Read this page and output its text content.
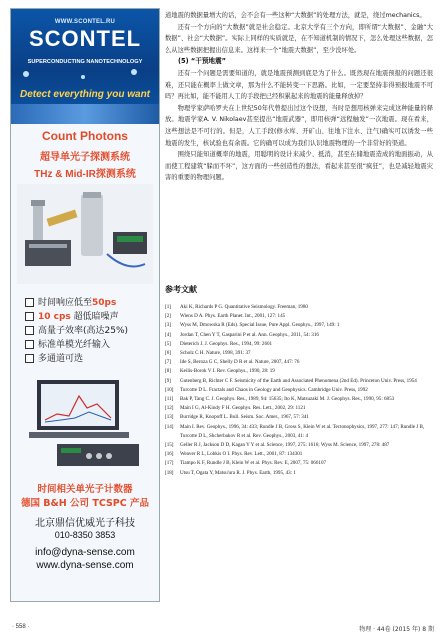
WWW.SCONTEL.RU
SCONTEL
SUPERCONDUCTING NANOTECHNOLOGY
Detect everything you want
Count Photons
超导单光子探测系统
THz & Mid-IR探测系统
时间响应低至50ps
10 cps 超低暗噪声
高量子效率(高达25%)
标准单模光纤输入
多通道可选
时间相关单光子计数器
德国 B&H 公司 TCSPC 产品
北京鼎信优威光子科技
010-8350 3853
info@dyna-sense.com
www.dyna-sense.com

道地震的数据量增大的话，会不会有一些这种“大数据”的处理方法，就是，绕过mechanics。

还有一个方向的“大数据”就是社会稳定。北京大学有三个方向，即所谓“大数据”、金融“大数据”、社会“大数据”。实际上同样的实质就是，在不知道机制的情况下，怎么处理这些数据，怎么从这些数据把握出信息来。这样来一个“地震大数据”，至少没坏处。

(5) “干预地震”

还有一个问题是需要知道的，就是地震预测到底是为了什么。既然现在地震预报的问题还很难，还只能在概率上做文章，那为什么不能转变一下思路。比如，一定要坚持非得预报地震不可吗？再比如，能不能用人工的手段把已经积累起来的地震的能量释放掉？

物理学家萨哈罗夫在上世纪50年代曾提出过这个设想，当时是想用核弹来完成这种能量的释放。地震学家A. V. Nikolaev甚至提出“地震武器”，即用核弹“远程触发”一次地震。现在看来，这些想法是不可行的。但是，人工手段(修水库、开矿山、往地下注水、注气)确实可以诱发一些地震的发生，核试验也有余震。它的确可以成为我们认识地震物理的一个非常好的渠道。

围绕只能知道概率的地震，用聪明的设计来减少、抵消，甚至在储地震造成的地面振动，从而使工程建筑“躲而不坏”，这方面的一些创造性的想法，看起来甚至很“疯狂”，也是减轻地震灾害的重要的物理问题。

参考文献
[1] Aki K, Richards P G. Quantitative Seismology. Freeman, 1980
[2] Wiens D A. Phys. Earth Planet. Int., 2001, 127: 145
[3] Wyss M, Dmowska R (Eds). Special Issue, Pure Appl. Geophys., 1997, 149: 1
[4] Jordan T, Chen Y T, Gasparini P et al. Ann. Geophys., 2011, 54: 316
[5] Dieterich J. J. Geophys. Res., 1994, 99: 2601
[6] Scholz C H. Nature, 1998, 391: 37
[7] Ide S, Beroza G C, Shelly D R et al. Nature, 2007, 447: 76
[8] Keilis-Borok V I. Rev. Geophys., 1990, 28: 19
[9] Gutenberg B, Richter C F. Seismicity of the Earth and Associated Phenomena (2nd Ed). Princeton Univ. Press, 1954
[10] Turcotte D L. Fractals and Chaos in Geology and Geophysics. Cambridge Univ. Press, 1992
[11] Bak P, Tang C. J. Geophys. Res., 1989, 94: 15635; Ito K, Matsuzaki M. J. Geophys. Res., 1990, 95: 6853
[12] Main I G, Al-Kindy F H. Geophys. Res. Lett., 2002, 29: 1121
[13] Burridge R, Knopoff L. Bull. Seism. Soc. Amer., 1967, 57: 341
[14] Main I. Rev. Geophys., 1996, 34: 433; Rundle J B, Gross S, Klein W et al. Tectonophysics, 1997, 277: 147; Rundle J B, Turcotte D L, Shcherbakov R et al. Rev. Geophys., 2003, 41: 4
[15] Geller R J, Jackson D D, Kagan Y Y et al. Science, 1997, 275: 1616; Wyss M. Science, 1997, 278: 487
[16] Weaver R L, Lobkis O I. Phys. Rev. Lett., 2001, 87: 134301
[17] Tiampo K F, Rundle J B, Klein W et al. Phys. Rev. E, 2007, 75: 066107
[18] Utsu T, Ogata Y, Matsu'ura R. J. Phys. Earth, 1995, 43: 1
· 558 ·	物理 · 44卷 (2015 年) 8 期
